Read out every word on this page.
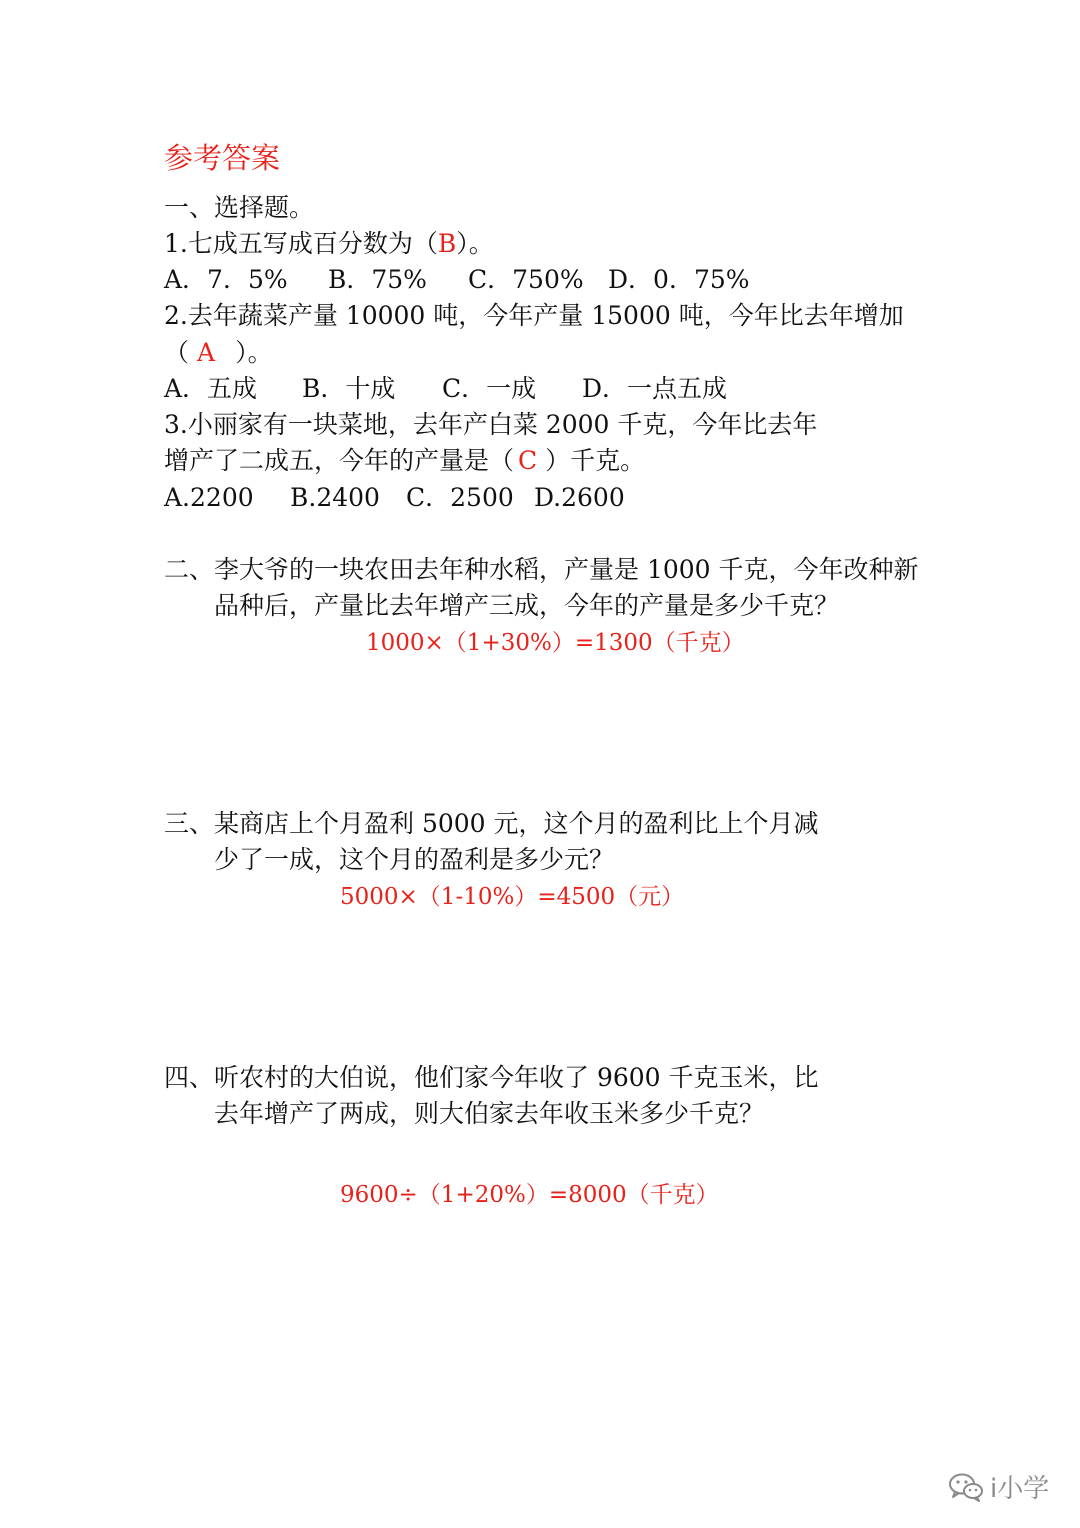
参考答案
一、选择题。
1.七成五写成百分数为（B）。
A．7．5% B．75% C．750% D．0．75%
2.去年蔬菜产量 10000 吨，今年产量 15000 吨，今年比去年增加
（ A ）。
A．五成 B．十成 C．一成 D．一点五成
3.小丽家有一块菜地，去年产白菜 2000 千克，今年比去年
增产了二成五，今年的产量是（ C ）千克。
A.2200 B.2400 C．2500 D.2600
二、李大爷的一块农田去年种水稻，产量是 1000 千克，今年改种新
品种后，产量比去年增产三成，今年的产量是多少千克？
1000×（1+30%）=1300（千克）
三、某商店上个月盈利 5000 元，这个月的盈利比上个月减
少了一成，这个月的盈利是多少元？
5000×（1-10%）=4500（元）
四、听农村的大伯说，他们家今年收了 9600 千克玉米，比
去年增产了两成，则大伯家去年收玉米多少千克？
9600÷（1+20%）=8000（千克）
i小学
